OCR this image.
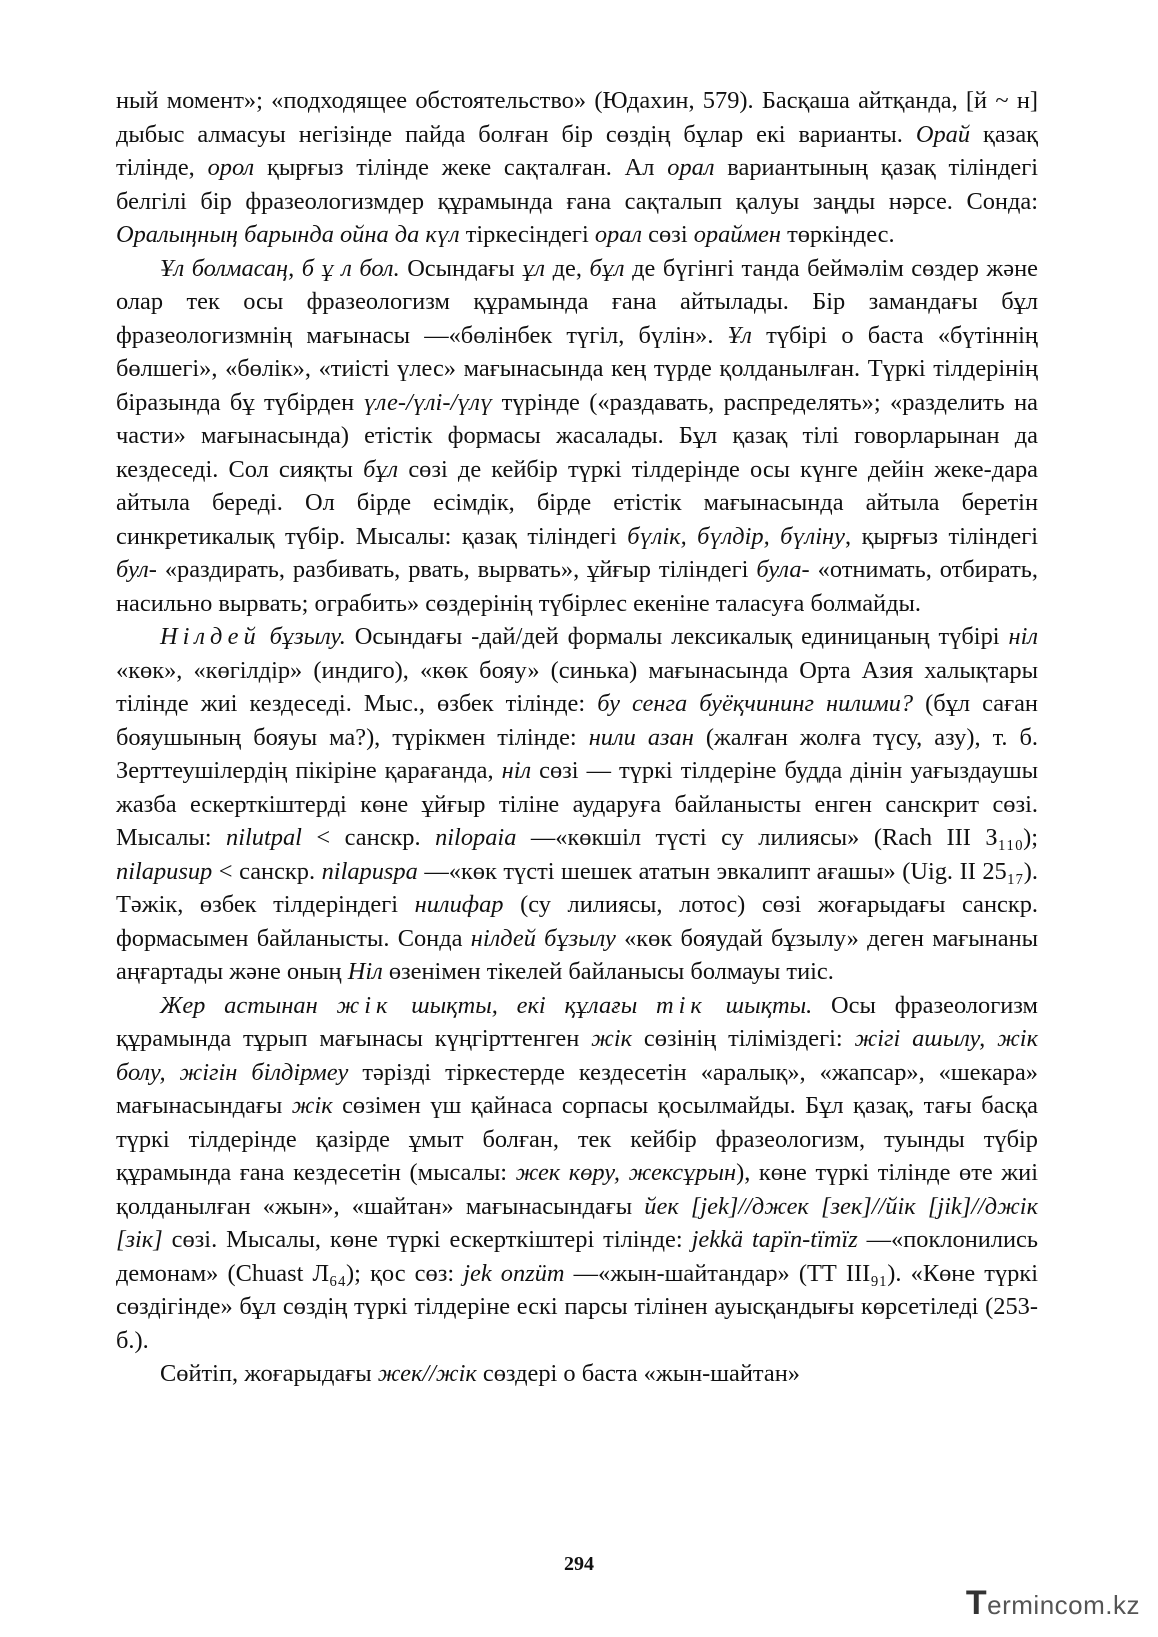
ный момент»; «подходящее обстоятельство» (Юдахин, 579). Басқаша айтқанда, [й ~ н] дыбыс алмасуы негізінде пайда болған бір сөздің бұлар екі варианты. Орай қазақ тілінде, орол қырғыз тілінде жеке сақталған. Ал орал вариантының қазақ тіліндегі белгілі бір фразеологизмдер құрамында ғана сақталып қалуы заңды нәрсе. Сонда: Оралыңның барында ойна да күл тіркесіндегі орал сөзі ораймен төркіндес.

Ұл болмасаң, б ұ л бол. Осындағы ұл де, бұл де бүгінгі танда беймәлім сөздер және олар тек осы фразеологизм құрамында ғана айтылады. Бір замандағы бұл фразеологизмнің мағынасы —«бөлінбек түгіл, бүлін». Ұл түбірі о баста «бүтіннің бөлшегі», «бөлік», «тиісті үлес» мағынасында кең түрде қолданылған. Түркі тілдерінің біразында бұ түбірден үле-/үлі-/үлү түрінде («раздавать, распределять»; «разделить на части» мағынасында) етістік формасы жасалады. Бұл қазақ тілі говорларынан да кездеседі. Сол сияқты бұл сөзі де кейбір түркі тілдерінде осы күнге дейін жеке-дара айтыла береді. Ол бірде есімдік, бірде етістік мағынасында айтыла беретін синкретикалық түбір. Мысалы: қазақ тіліндегі бүлік, бүлдір, бүліну, қырғыз тіліндегі бул- «раздирать, разбивать, рвать, вырвать», ұйғыр тіліндегі була- «отнимать, отбирать, насильно вырвать; ограбить» сөздерінің түбірлес екеніне таласуға болмайды.

Нілдей бұзылу. Осындағы -дай/дей формалы лексикалық единицаның түбірі ніл «көк», «көгілдір» (индиго), «көк бояу» (синька) мағынасында Орта Азия халықтары тілінде жиі кездеседі. Мыс., өзбек тілінде: бу сенга буёқчининг нилими? (бұл саған бояушының бояуы ма?), түрікмен тілінде: нили азан (жалған жолға түсу, азу), т. б. Зерттеушілердің пікіріне қарағанда, ніл сөзі — түркі тілдеріне будда дінін уағыздаушы жазба ескерткіштерді көне ұйғыр тіліне аударуға байланысты енген санскрит сөзі. Мысалы: nilutpal < санскр. niloраіа —«көкшіл түсті су лилиясы» (Rach III З₁₁₀); nilapusup < санскр. nilapuspa —«көк түсті шешек ататын эвкалипт ағашы» (Uig. II 25₁₇). Тәжік, өзбек тілдеріндегі нилифар (су лилиясы, лотос) сөзі жоғарыдағы санскр. формасымен байланысты. Сонда нілдей бұзылу «көк бояудай бұзылу» деген мағынаны аңғартады және оның Ніл өзенімен тікелей байланысы болмауы тиіс.

Жер астынан жік шықты, екі құлағы тік шықты. Осы фразеологизм құрамында тұрып мағынасы күңгірттенген жік сөзінің тіліміздегі: жігі ашылу, жік болу, жігін білдірмеу тәрізді тіркестерде кездесетін «аралық», «жапсар», «шекара» мағынасындағы жік сөзімен үш қайнаса сорпасы қосылмайды. Бұл қазақ, тағы басқа түркі тілдерінде қазірде ұмыт болған, тек кейбір фразеологизм, туынды түбір құрамында ғана кездесетін (мысалы: жек көру, жексұрын), көне түркі тілінде өте жиі қолданылған «жын», «шайтан» мағынасындағы йек [jek]//джек [зек]//йік [jik]//джік [зік] сөзі. Мысалы, көне түркі ескерткіштері тілінде: jekkä tapïn-tïmïz —«поклонились демонам» (Chuast Л₆₄); қос сөз: jek onzüm —«жын-шайтандар» (ТТ III₉₁). «Көне түркі сөздігінде» бұл сөздің түркі тілдеріне ескі парсы тілінен ауысқандығы көрсетіледі (253-б.).

Сөйтіп, жоғарыдағы жек//жік сөздері о баста «жын-шайтан»

294
Termincom.kz
